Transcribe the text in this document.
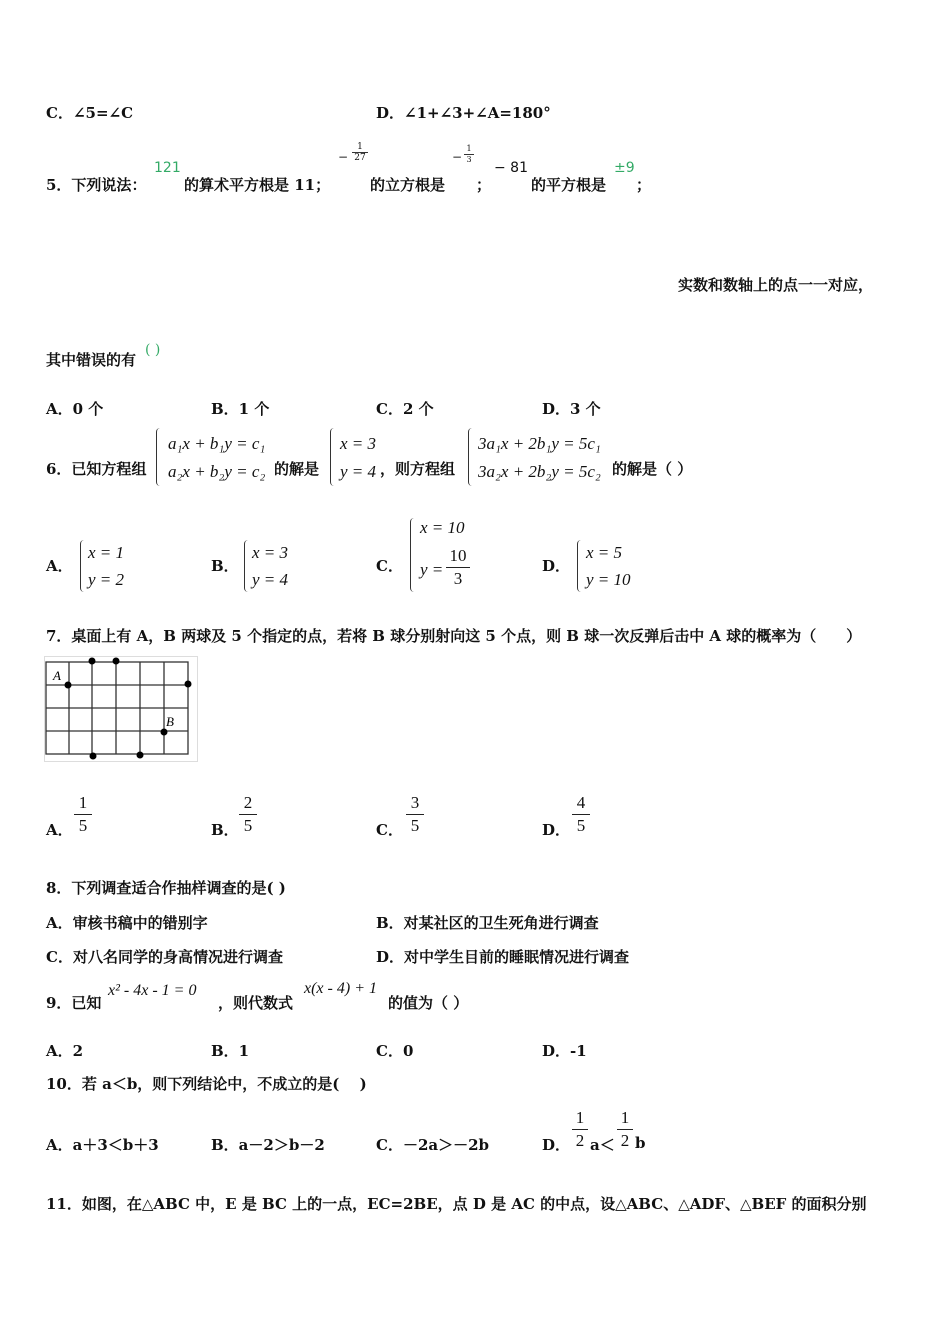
C．∠5=∠C	D．∠1+∠3+∠A=180°
5．下列说法：
121
的算术平方根是 11；
−
1
27
的立方根是
−
1
3
；
− 81
的平方根是
±9
；
实数和数轴上的点一一对应，
其中错误的有
( )
A．0 个	B．1 个	C．2 个	D．3 个
6．已知方程组
a₁x + b₁y = c₁
a₂x + b₂y = c₂ 的解是
x = 3
y = 4 ，则方程组
3a₁x + 2b₁y = 5c₁
3a₂x + 2b₂y = 5c₂ 的解是（ ）
A．
x = 1
y = 2
B．
x = 3
y = 4
C．
x = 10
y =
10
3
D．
x = 5
y = 10
7．桌面上有 A，B 两球及 5 个指定的点，若将 B 球分别射向这 5 个点，则 B 球一次反弹后击中 A 球的概率为（　　）
A
B
A．
1
5	B．
2
5	C．
3
5	D．
4
5
8．下列调查适合作抽样调查的是( )
A．审核书稿中的错别字	B．对某社区的卫生死角进行调查
C．对八名同学的身高情况进行调查	D．对中学生目前的睡眠情况进行调查
9．已知
x² - 4x - 1 = 0
，则代数式
x(x - 4) + 1
的值为（ ）
A．2	B．1	C．0	D．-1
10．若 a＜b，则下列结论中，不成立的是(　 )
A．a＋3＜b＋3	B．a－2＞b－2	C．－2a＞－2b	D．
1
2 a＜
1
2 b
11．如图，在△ABC 中，E 是 BC 上的一点，EC=2BE，点 D 是 AC 的中点，设△ABC、△ADF、△BEF 的面积分别
